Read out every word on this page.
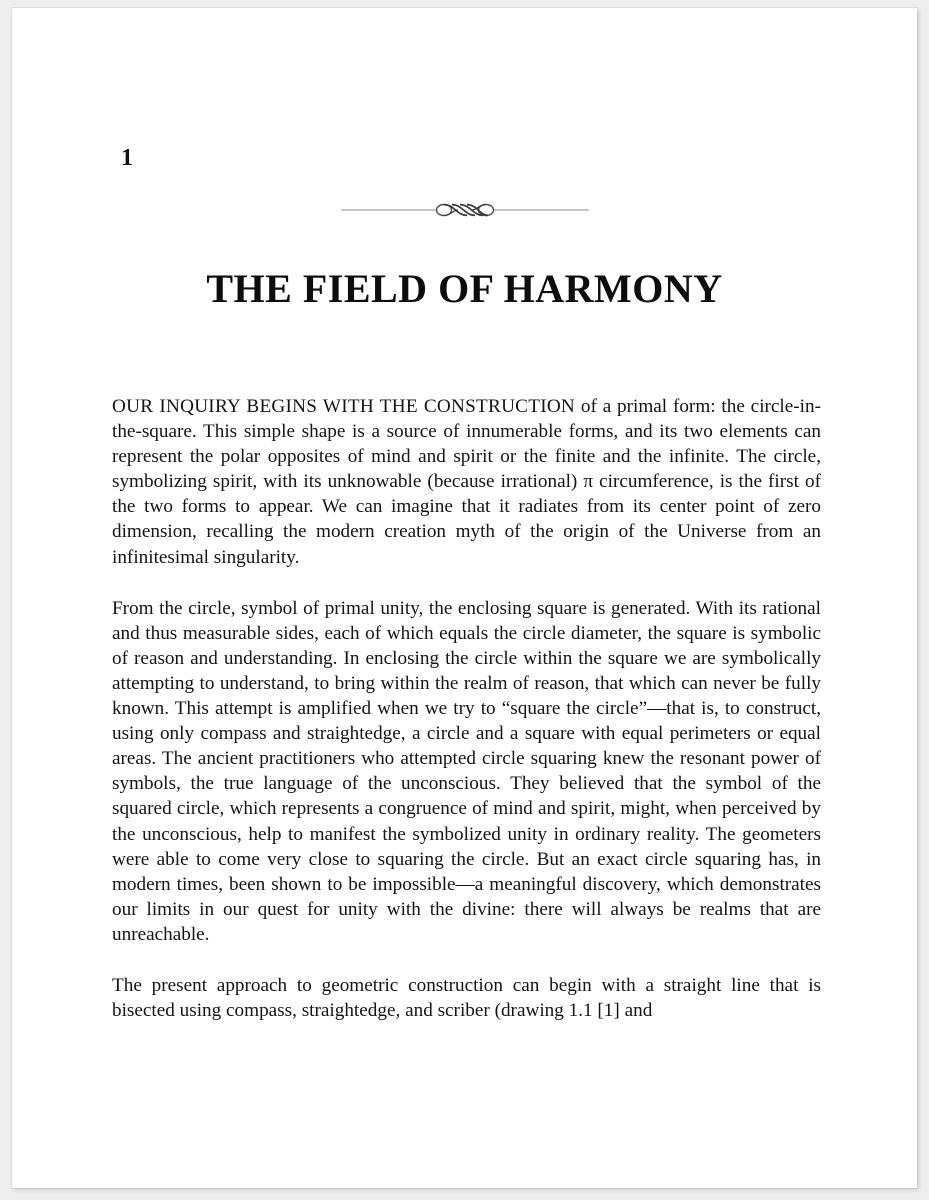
1
THE FIELD OF HARMONY

OUR INQUIRY BEGINS WITH THE CONSTRUCTION of a primal form: the circle-in-the-square. This simple shape is a source of innumerable forms, and its two elements can represent the polar opposites of mind and spirit or the finite and the infinite. The circle, symbolizing spirit, with its unknowable (because irrational) π circumference, is the first of the two forms to appear. We can imagine that it radiates from its center point of zero dimension, recalling the modern creation myth of the origin of the Universe from an infinitesimal singularity.

From the circle, symbol of primal unity, the enclosing square is generated. With its rational and thus measurable sides, each of which equals the circle diameter, the square is symbolic of reason and understanding. In enclosing the circle within the square we are symbolically attempting to understand, to bring within the realm of reason, that which can never be fully known. This attempt is amplified when we try to “square the circle”—that is, to construct, using only compass and straightedge, a circle and a square with equal perimeters or equal areas. The ancient practitioners who attempted circle squaring knew the resonant power of symbols, the true language of the unconscious. They believed that the symbol of the squared circle, which represents a congruence of mind and spirit, might, when perceived by the unconscious, help to manifest the symbolized unity in ordinary reality. The geometers were able to come very close to squaring the circle. But an exact circle squaring has, in modern times, been shown to be impossible—a meaningful discovery, which demonstrates our limits in our quest for unity with the divine: there will always be realms that are unreachable.

The present approach to geometric construction can begin with a straight line that is bisected using compass, straightedge, and scriber (drawing 1.1 [1] and
